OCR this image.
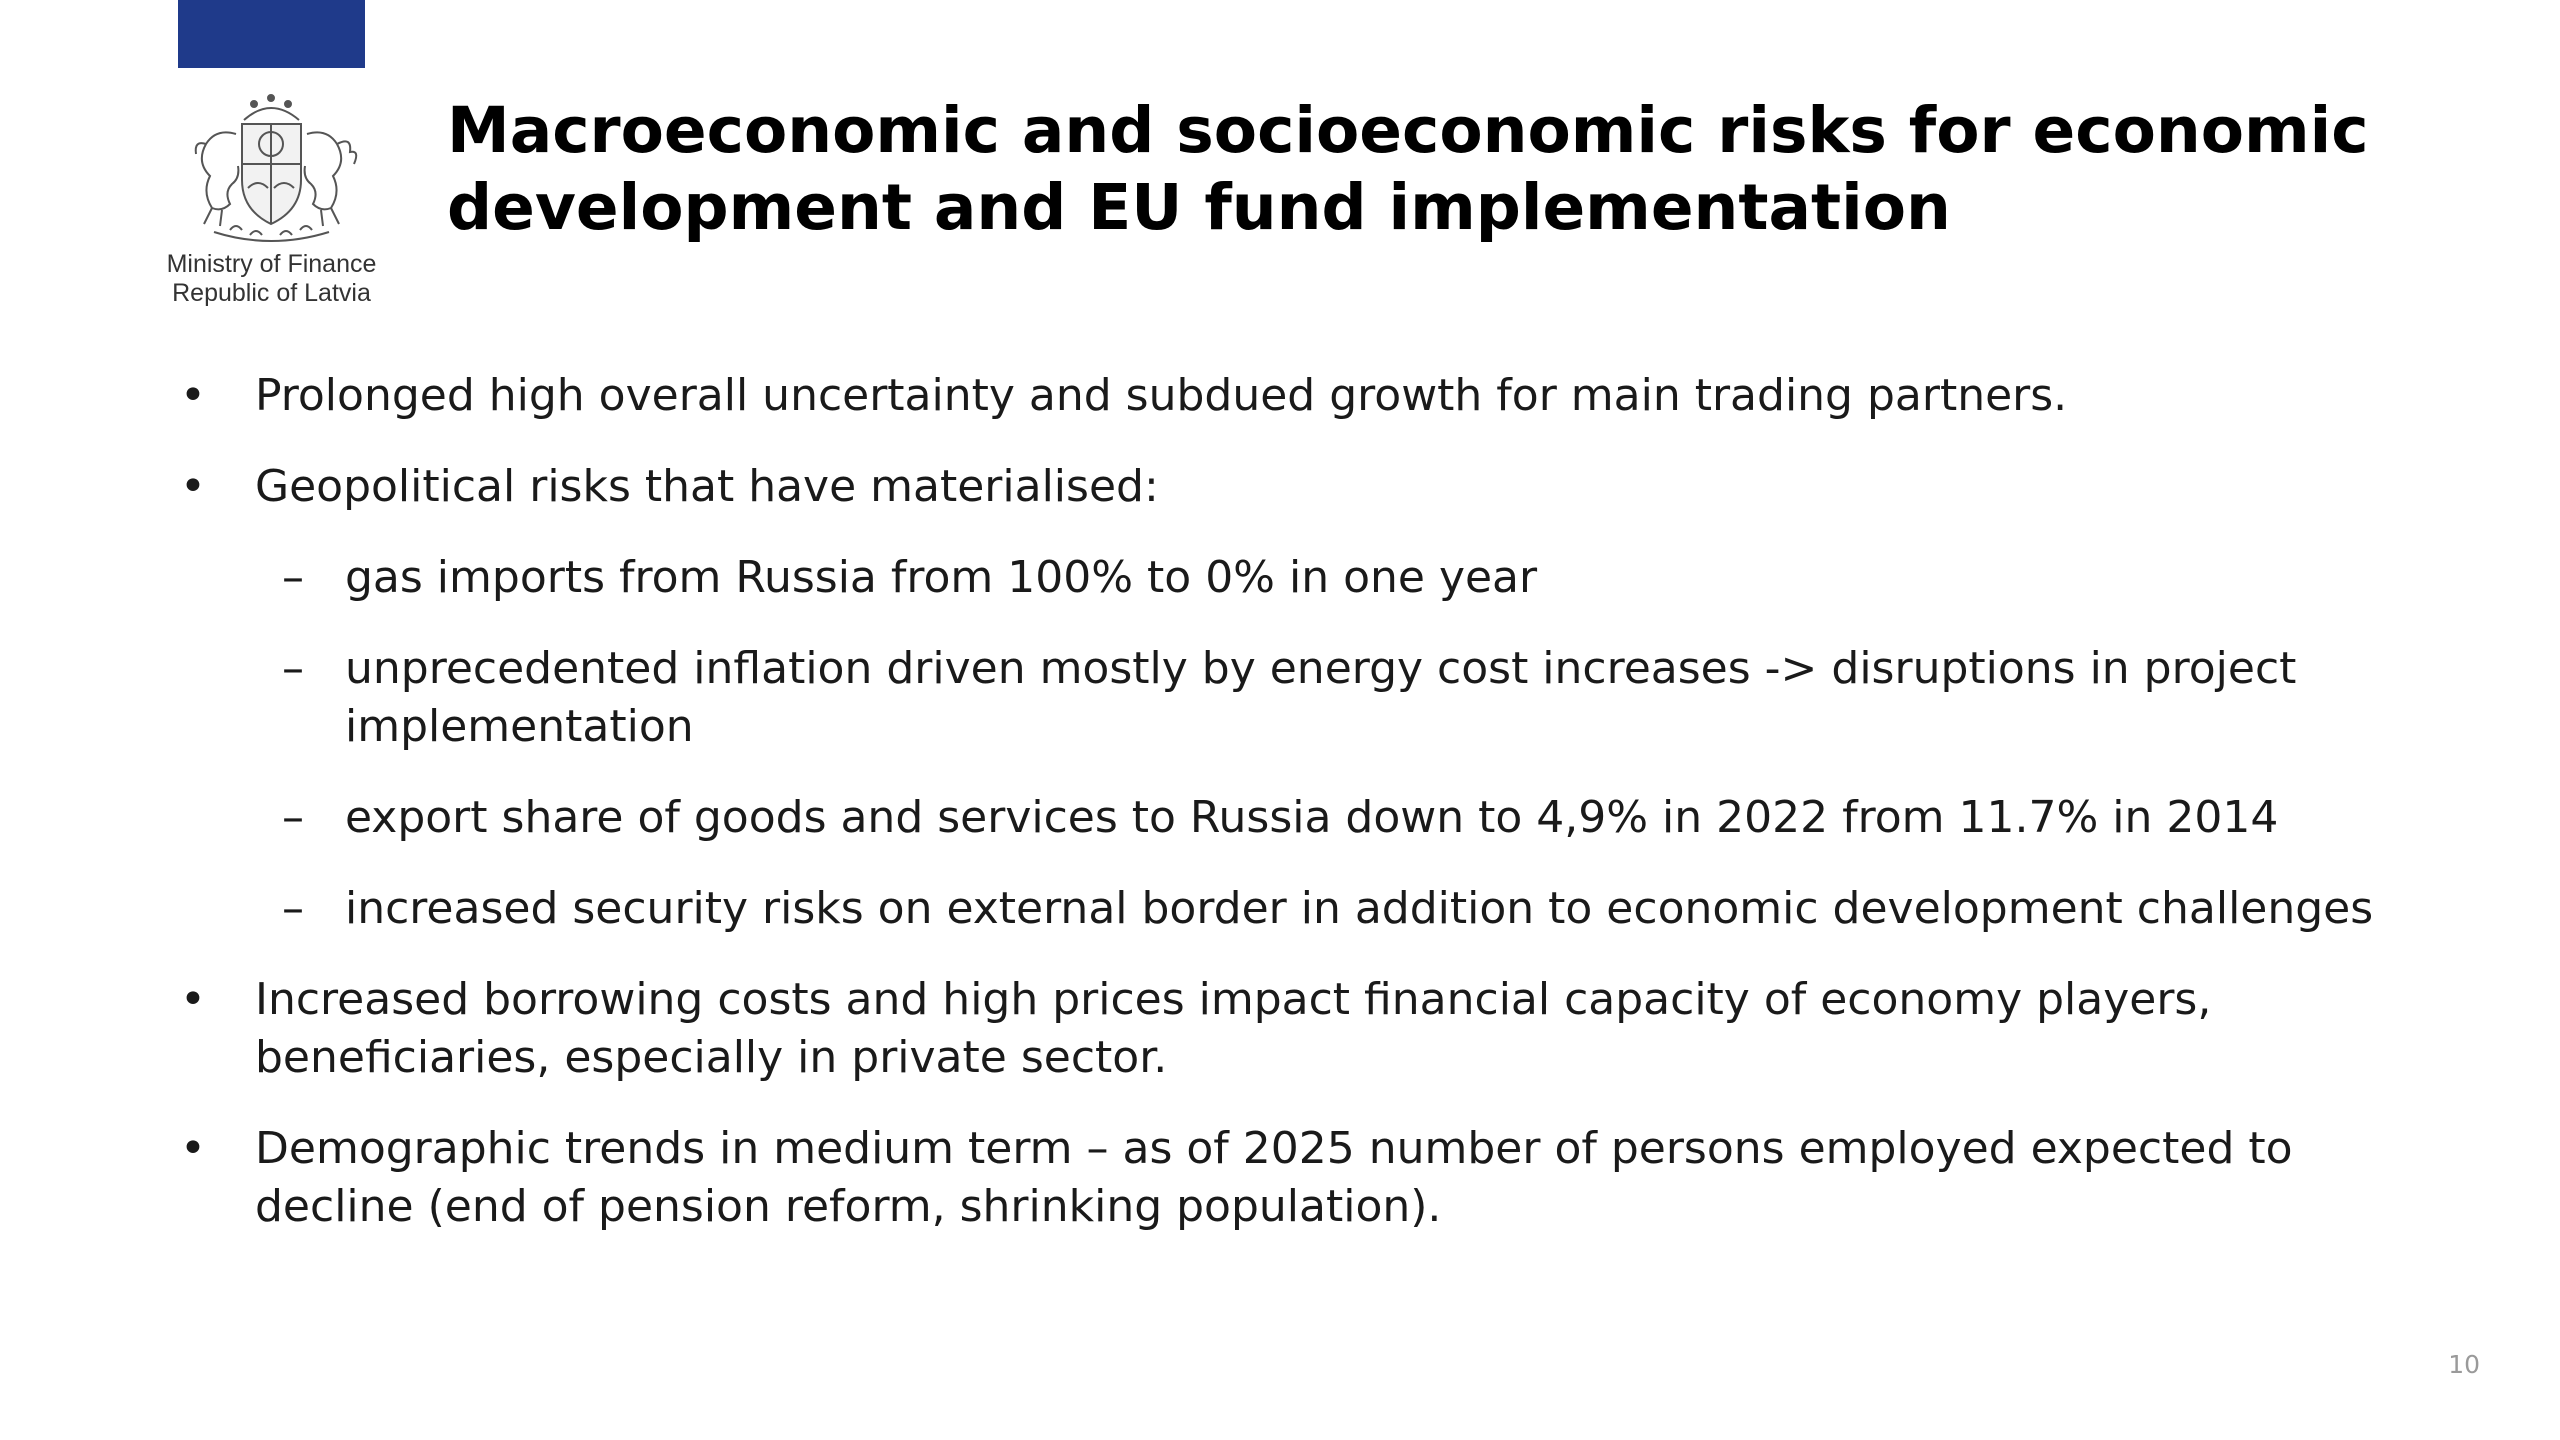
Ministry of Finance
Republic of Latvia
Macroeconomic and socioeconomic risks for economic development and EU fund implementation
• Prolonged high overall uncertainty and subdued growth for main trading partners.
• Geopolitical risks that have materialised:
– gas imports from Russia from 100% to 0% in one year
– unprecedented inflation driven mostly by energy cost increases -> disruptions in project implementation
– export share of goods and services to Russia down to 4,9% in 2022 from 11.7% in 2014
– increased security risks on external border in addition to economic development challenges
• Increased borrowing costs and high prices impact financial capacity of economy players, beneficiaries, especially in private sector.
• Demographic trends in medium term – as of 2025 number of persons employed expected to decline (end of pension reform, shrinking population).
10
